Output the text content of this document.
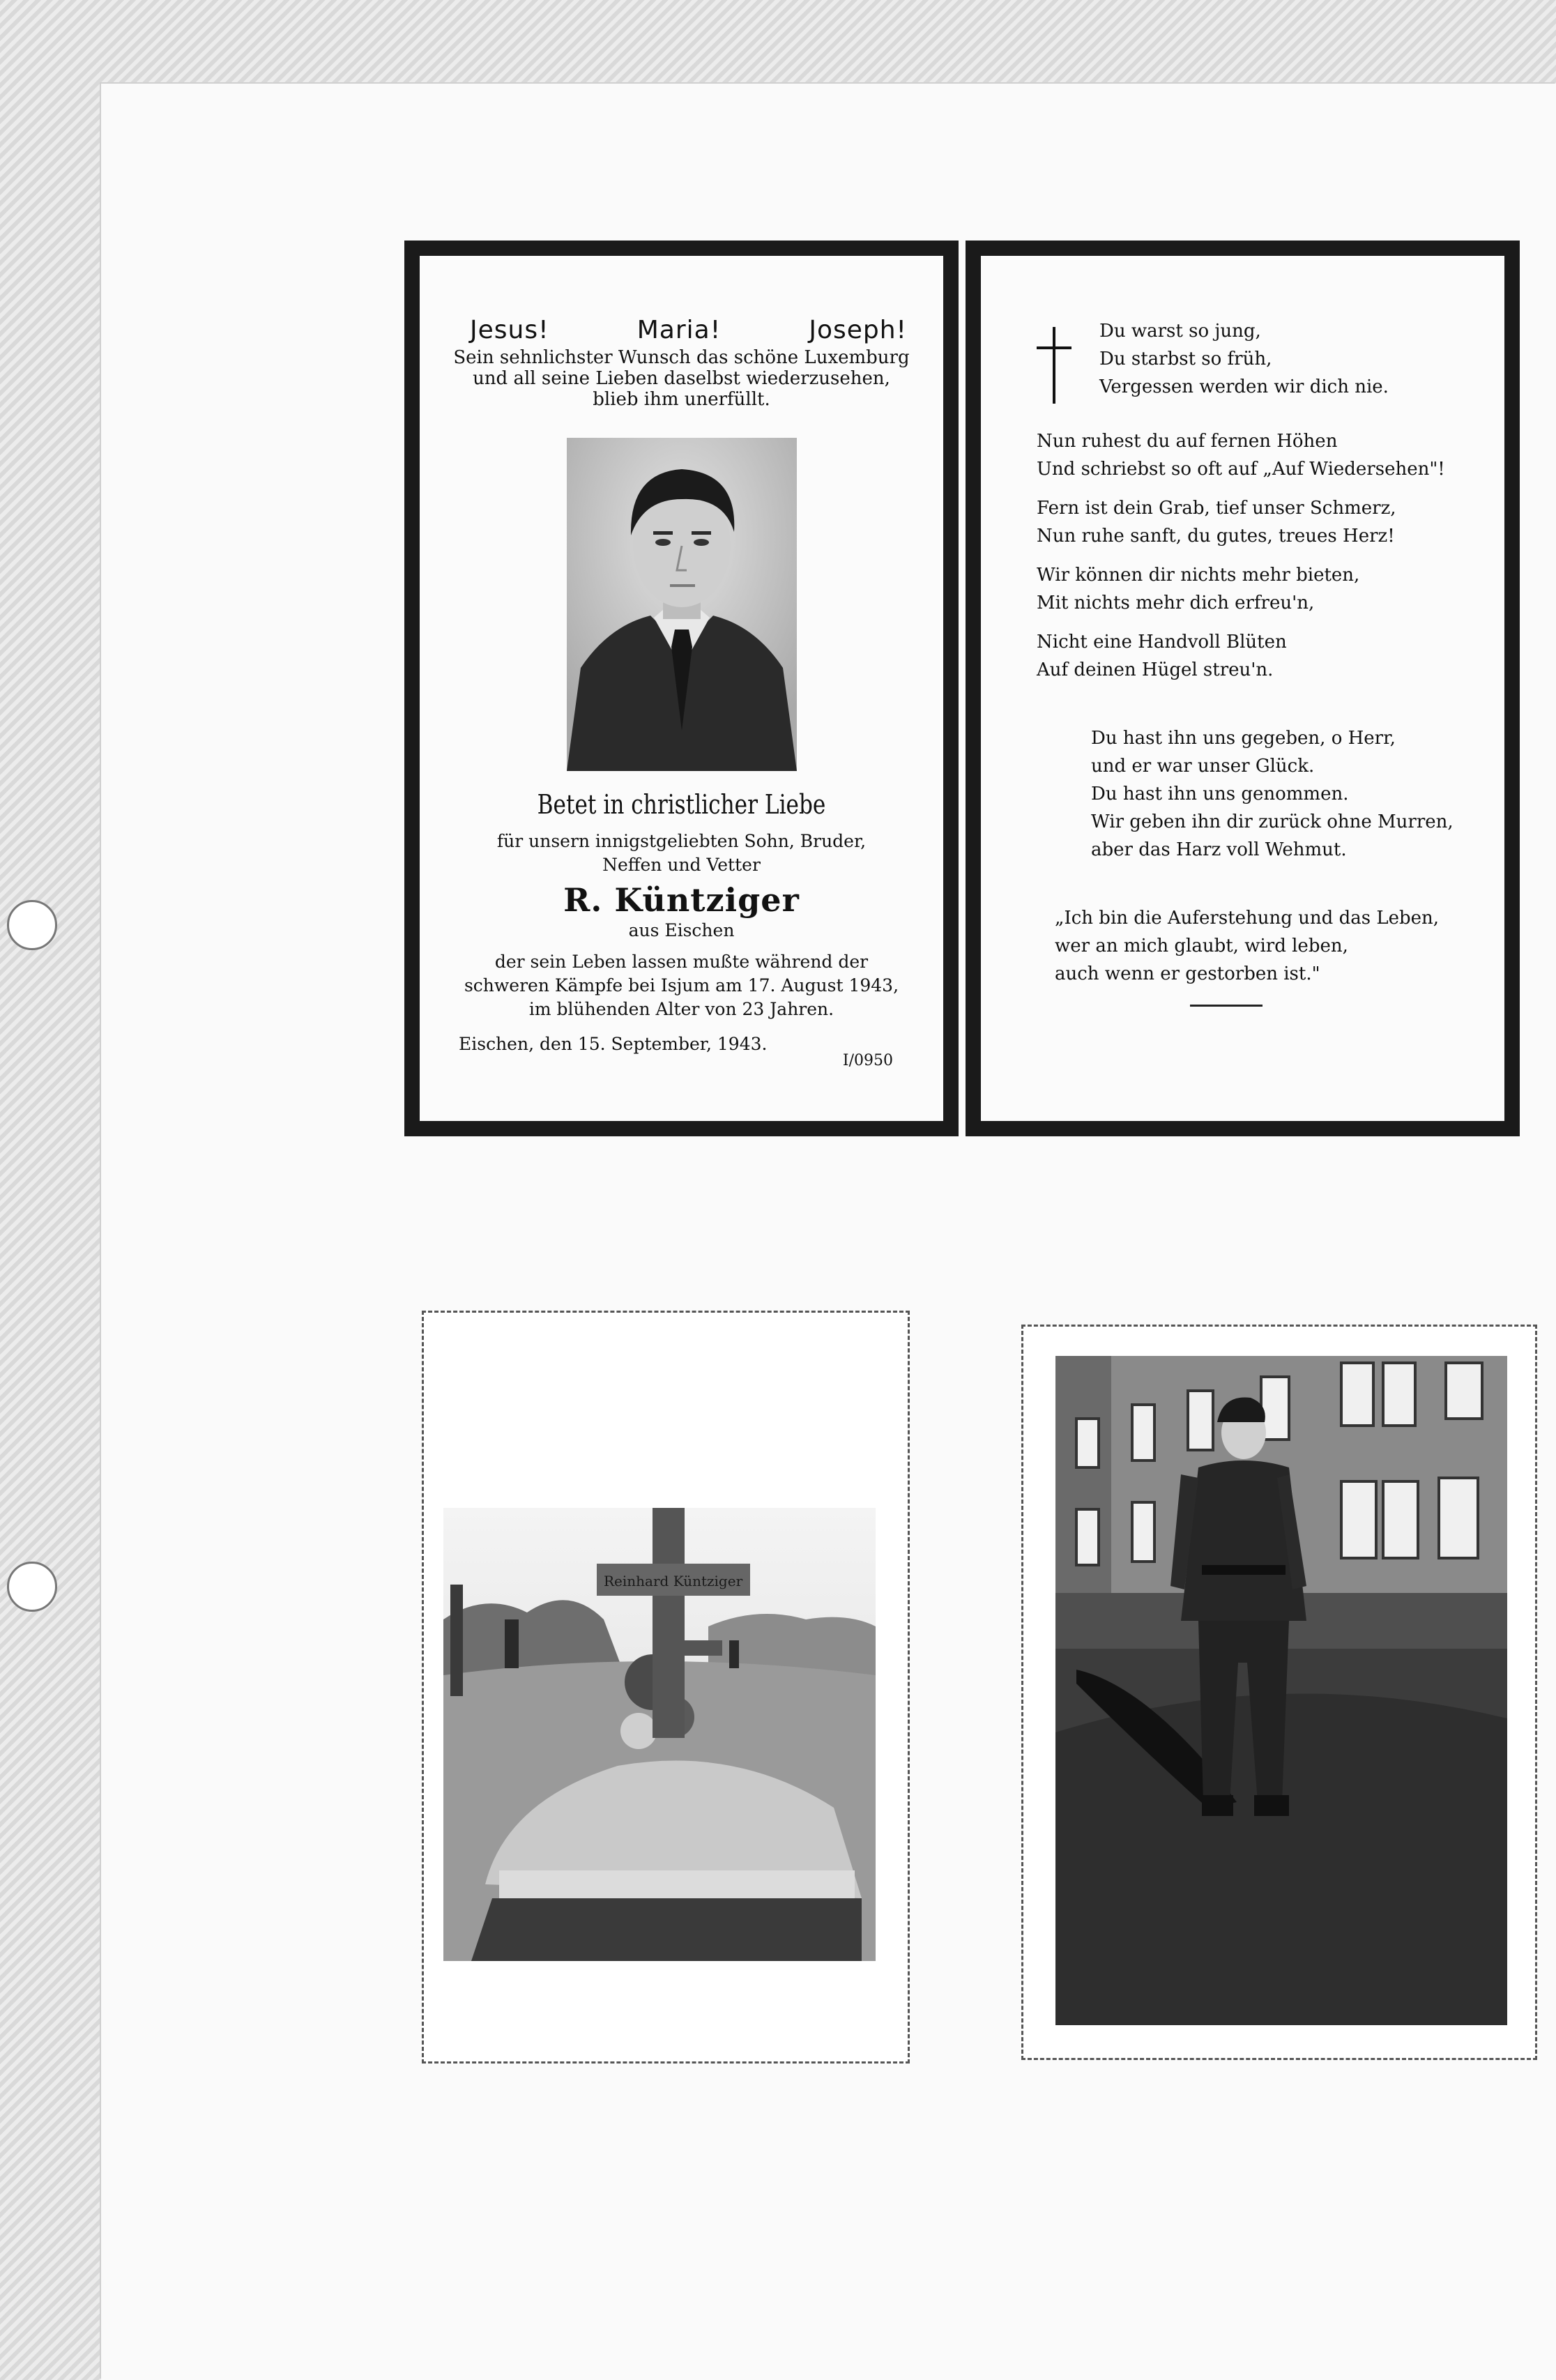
Jesus!	Maria!	Joseph!
Sein sehnlichster Wunsch das schöne Luxemburg
und all seine Lieben daselbst wiederzusehen,
blieb ihm unerfüllt.
Betet in christlicher Liebe
für unsern innigstgeliebten Sohn, Bruder,
Neffen und Vetter
R. Küntziger
aus Eischen
der sein Leben lassen mußte während der
schweren Kämpfe bei Isjum am 17. August 1943,
im blühenden Alter von 23 Jahren.
Eischen, den 15. September, 1943.
I/0950
Du warst so jung,
Du starbst so früh,
Vergessen werden wir dich nie.
Nun ruhest du auf fernen Höhen
Und schriebst so oft auf „Auf Wiedersehen"!
Fern ist dein Grab, tief unser Schmerz,
Nun ruhe sanft, du gutes, treues Herz!
Wir können dir nichts mehr bieten,
Mit nichts mehr dich erfreu'n,
Nicht eine Handvoll Blüten
Auf deinen Hügel streu'n.
Du hast ihn uns gegeben, o Herr,
und er war unser Glück.
Du hast ihn uns genommen.
Wir geben ihn dir zurück ohne Murren,
aber das Harz voll Wehmut.
„Ich bin die Auferstehung und das Leben,
wer an mich glaubt, wird leben,
auch wenn er gestorben ist."
Reinhard Küntziger
